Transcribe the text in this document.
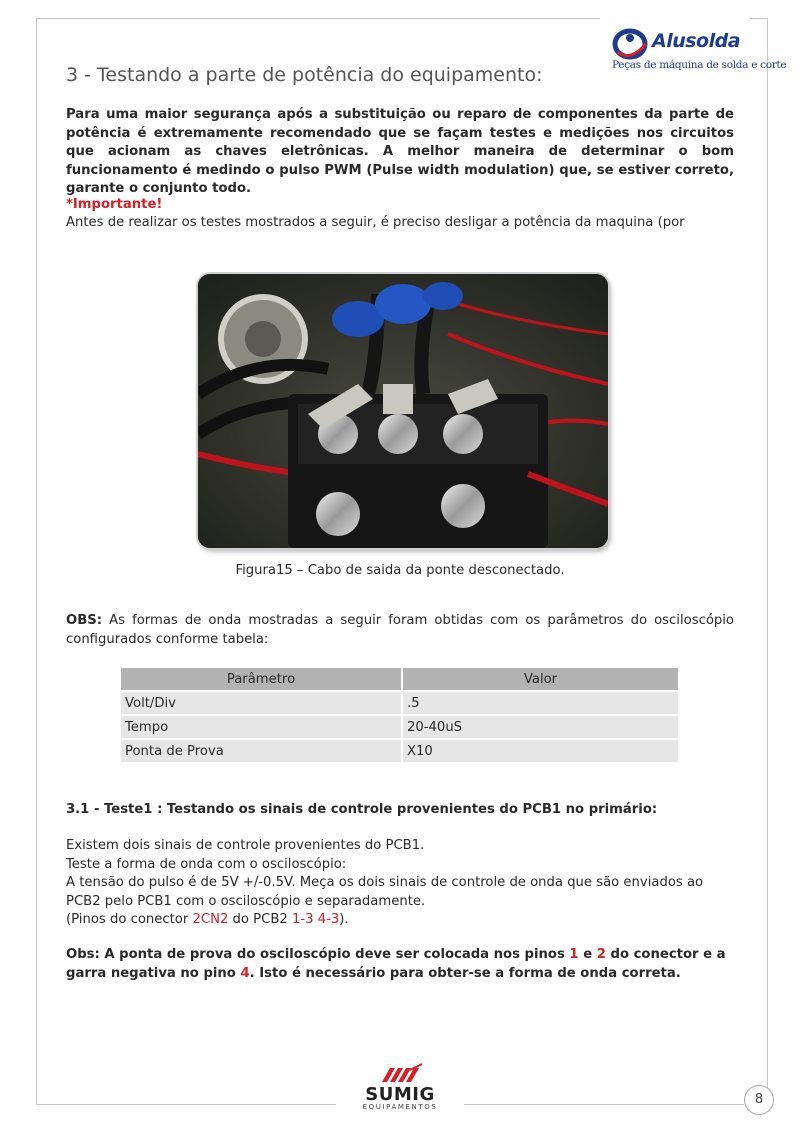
Alusolda
Peças de máquina de solda e corte
3 - Testando a parte de potência do equipamento:

Para uma maior segurança após a substituição ou reparo de componentes da parte de potência é extremamente recomendado que se façam testes e medições nos circuitos que acionam as chaves eletrônicas. A melhor maneira de determinar o bom funcionamento é medindo o pulso PWM (Pulse width modulation) que, se estiver correto, garante o conjunto todo.

*Importante!

Antes de realizar os testes mostrados a seguir, é preciso desligar a potência da maquina (por

Figura15 – Cabo de saida da ponte desconectado.

OBS: As formas de onda mostradas a seguir foram obtidas com os parâmetros do osciloscópio configurados conforme tabela:

Parâmetro	Valor
Volt/Div	.5
Tempo	20-40uS
Ponta de Prova	X10

3.1 - Teste1 : Testando os sinais de controle provenientes do PCB1 no primário:

Existem dois sinais de controle provenientes do PCB1.
Teste a forma de onda com o osciloscópio:
A tensão do pulso é de 5V +/-0.5V. Meça os dois sinais de controle de onda que são enviados ao PCB2 pelo PCB1 com o osciloscópio e separadamente.
(Pinos do conector 2CN2 do PCB2 1-3 4-3).

Obs: A ponta de prova do osciloscópio deve ser colocada nos pinos 1 e 2 do conector e a garra negativa no pino 4. Isto é necessário para obter-se a forma de onda correta.

SUMIG
EQUIPAMENTOS	8
